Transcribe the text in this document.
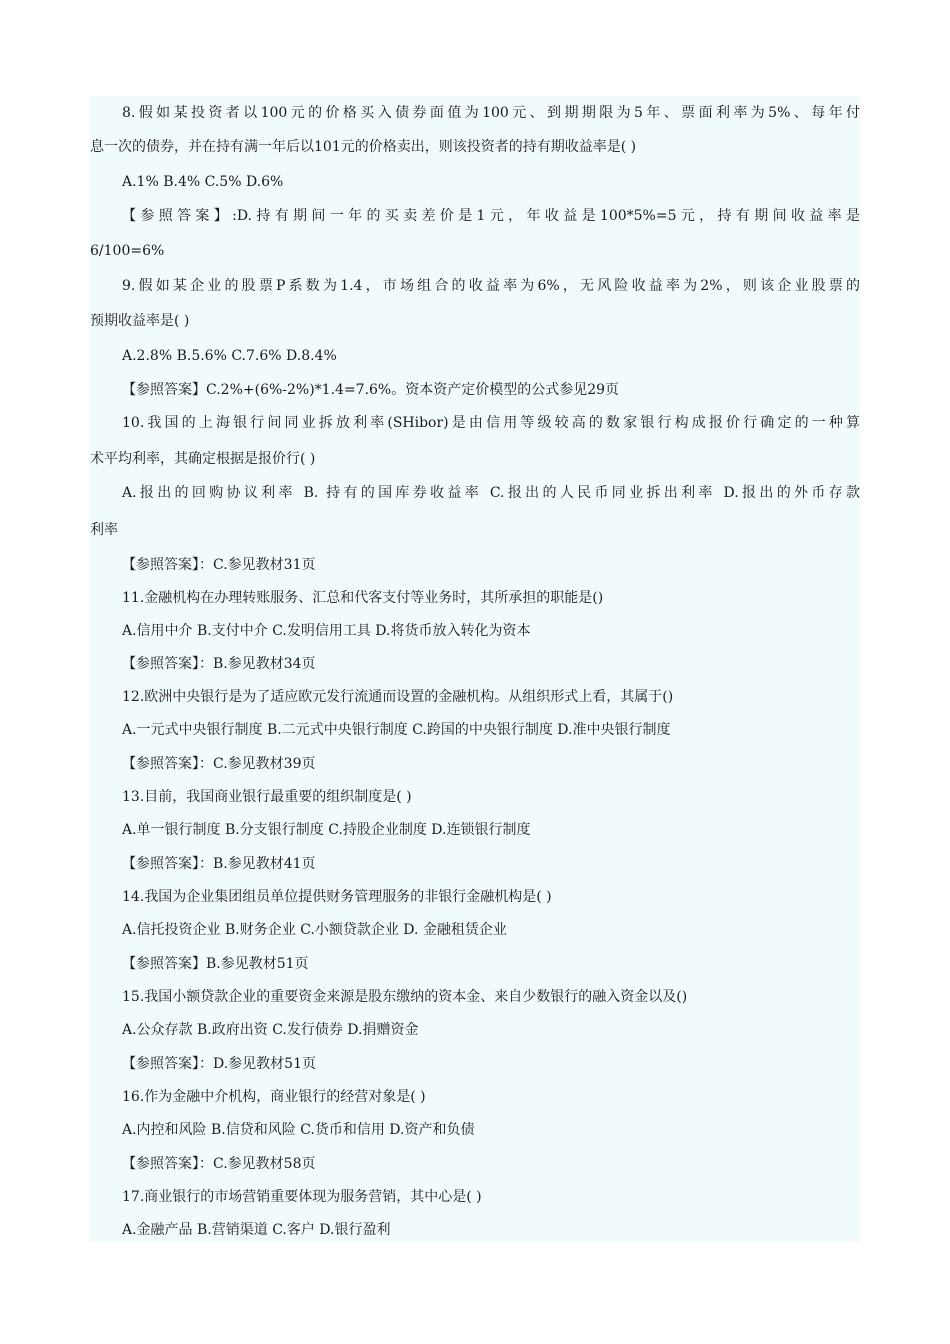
8.假如某投资者以100元的价格买入债券面值为100元、到期期限为5年、票面利率为5%、每年付
息一次的债券，并在持有满一年后以101元的价格卖出，则该投资者的持有期收益率是( )
A.1% B.4% C.5% D.6%
【参照答案】:D.持有期间一年的买卖差价是1元，年收益是100*5%=5元，持有期间收益率是
6/100=6%
9.假如某企业的股票P系数为1.4，市场组合的收益率为6%，无风险收益率为2%，则该企业股票的
预期收益率是( )
A.2.8% B.5.6% C.7.6% D.8.4%
【参照答案】C.2%+(6%-2%)*1.4=7.6%。资本资产定价模型的公式参见29页
10.我国的上海银行间同业拆放利率(SHibor)是由信用等级较高的数家银行构成报价行确定的一种算
术平均利率，其确定根据是报价行( )
A.报出的回购协议利率 B. 持有的国库券收益率 C.报出的人民币同业拆出利率 D.报出的外币存款
利率
【参照答案】：C.参见教材31页
11.金融机构在办理转账服务、汇总和代客支付等业务时，其所承担的职能是()
A.信用中介 B.支付中介 C.发明信用工具 D.将货币放入转化为资本
【参照答案】：B.参见教材34页
12.欧洲中央银行是为了适应欧元发行流通而设置的金融机构。从组织形式上看，其属于()
A.一元式中央银行制度 B.二元式中央银行制度 C.跨国的中央银行制度 D.准中央银行制度
【参照答案】：C.参见教材39页
13.目前，我国商业银行最重要的组织制度是( )
A.单一银行制度 B.分支银行制度 C.持股企业制度 D.连锁银行制度
【参照答案】：B.参见教材41页
14.我国为企业集团组员单位提供财务管理服务的非银行金融机构是( )
A.信托投资企业 B.财务企业 C.小额贷款企业 D. 金融租赁企业
【参照答案】B.参见教材51页
15.我国小额贷款企业的重要资金来源是股东缴纳的资本金、来自少数银行的融入资金以及()
A.公众存款 B.政府出资 C.发行债券 D.捐赠资金
【参照答案】：D.参见教材51页
16.作为金融中介机构，商业银行的经营对象是( )
A.内控和风险 B.信贷和风险 C.货币和信用 D.资产和负债
【参照答案】：C.参见教材58页
17.商业银行的市场营销重要体现为服务营销，其中心是( )
A.金融产品 B.营销渠道 C.客户 D.银行盈利
